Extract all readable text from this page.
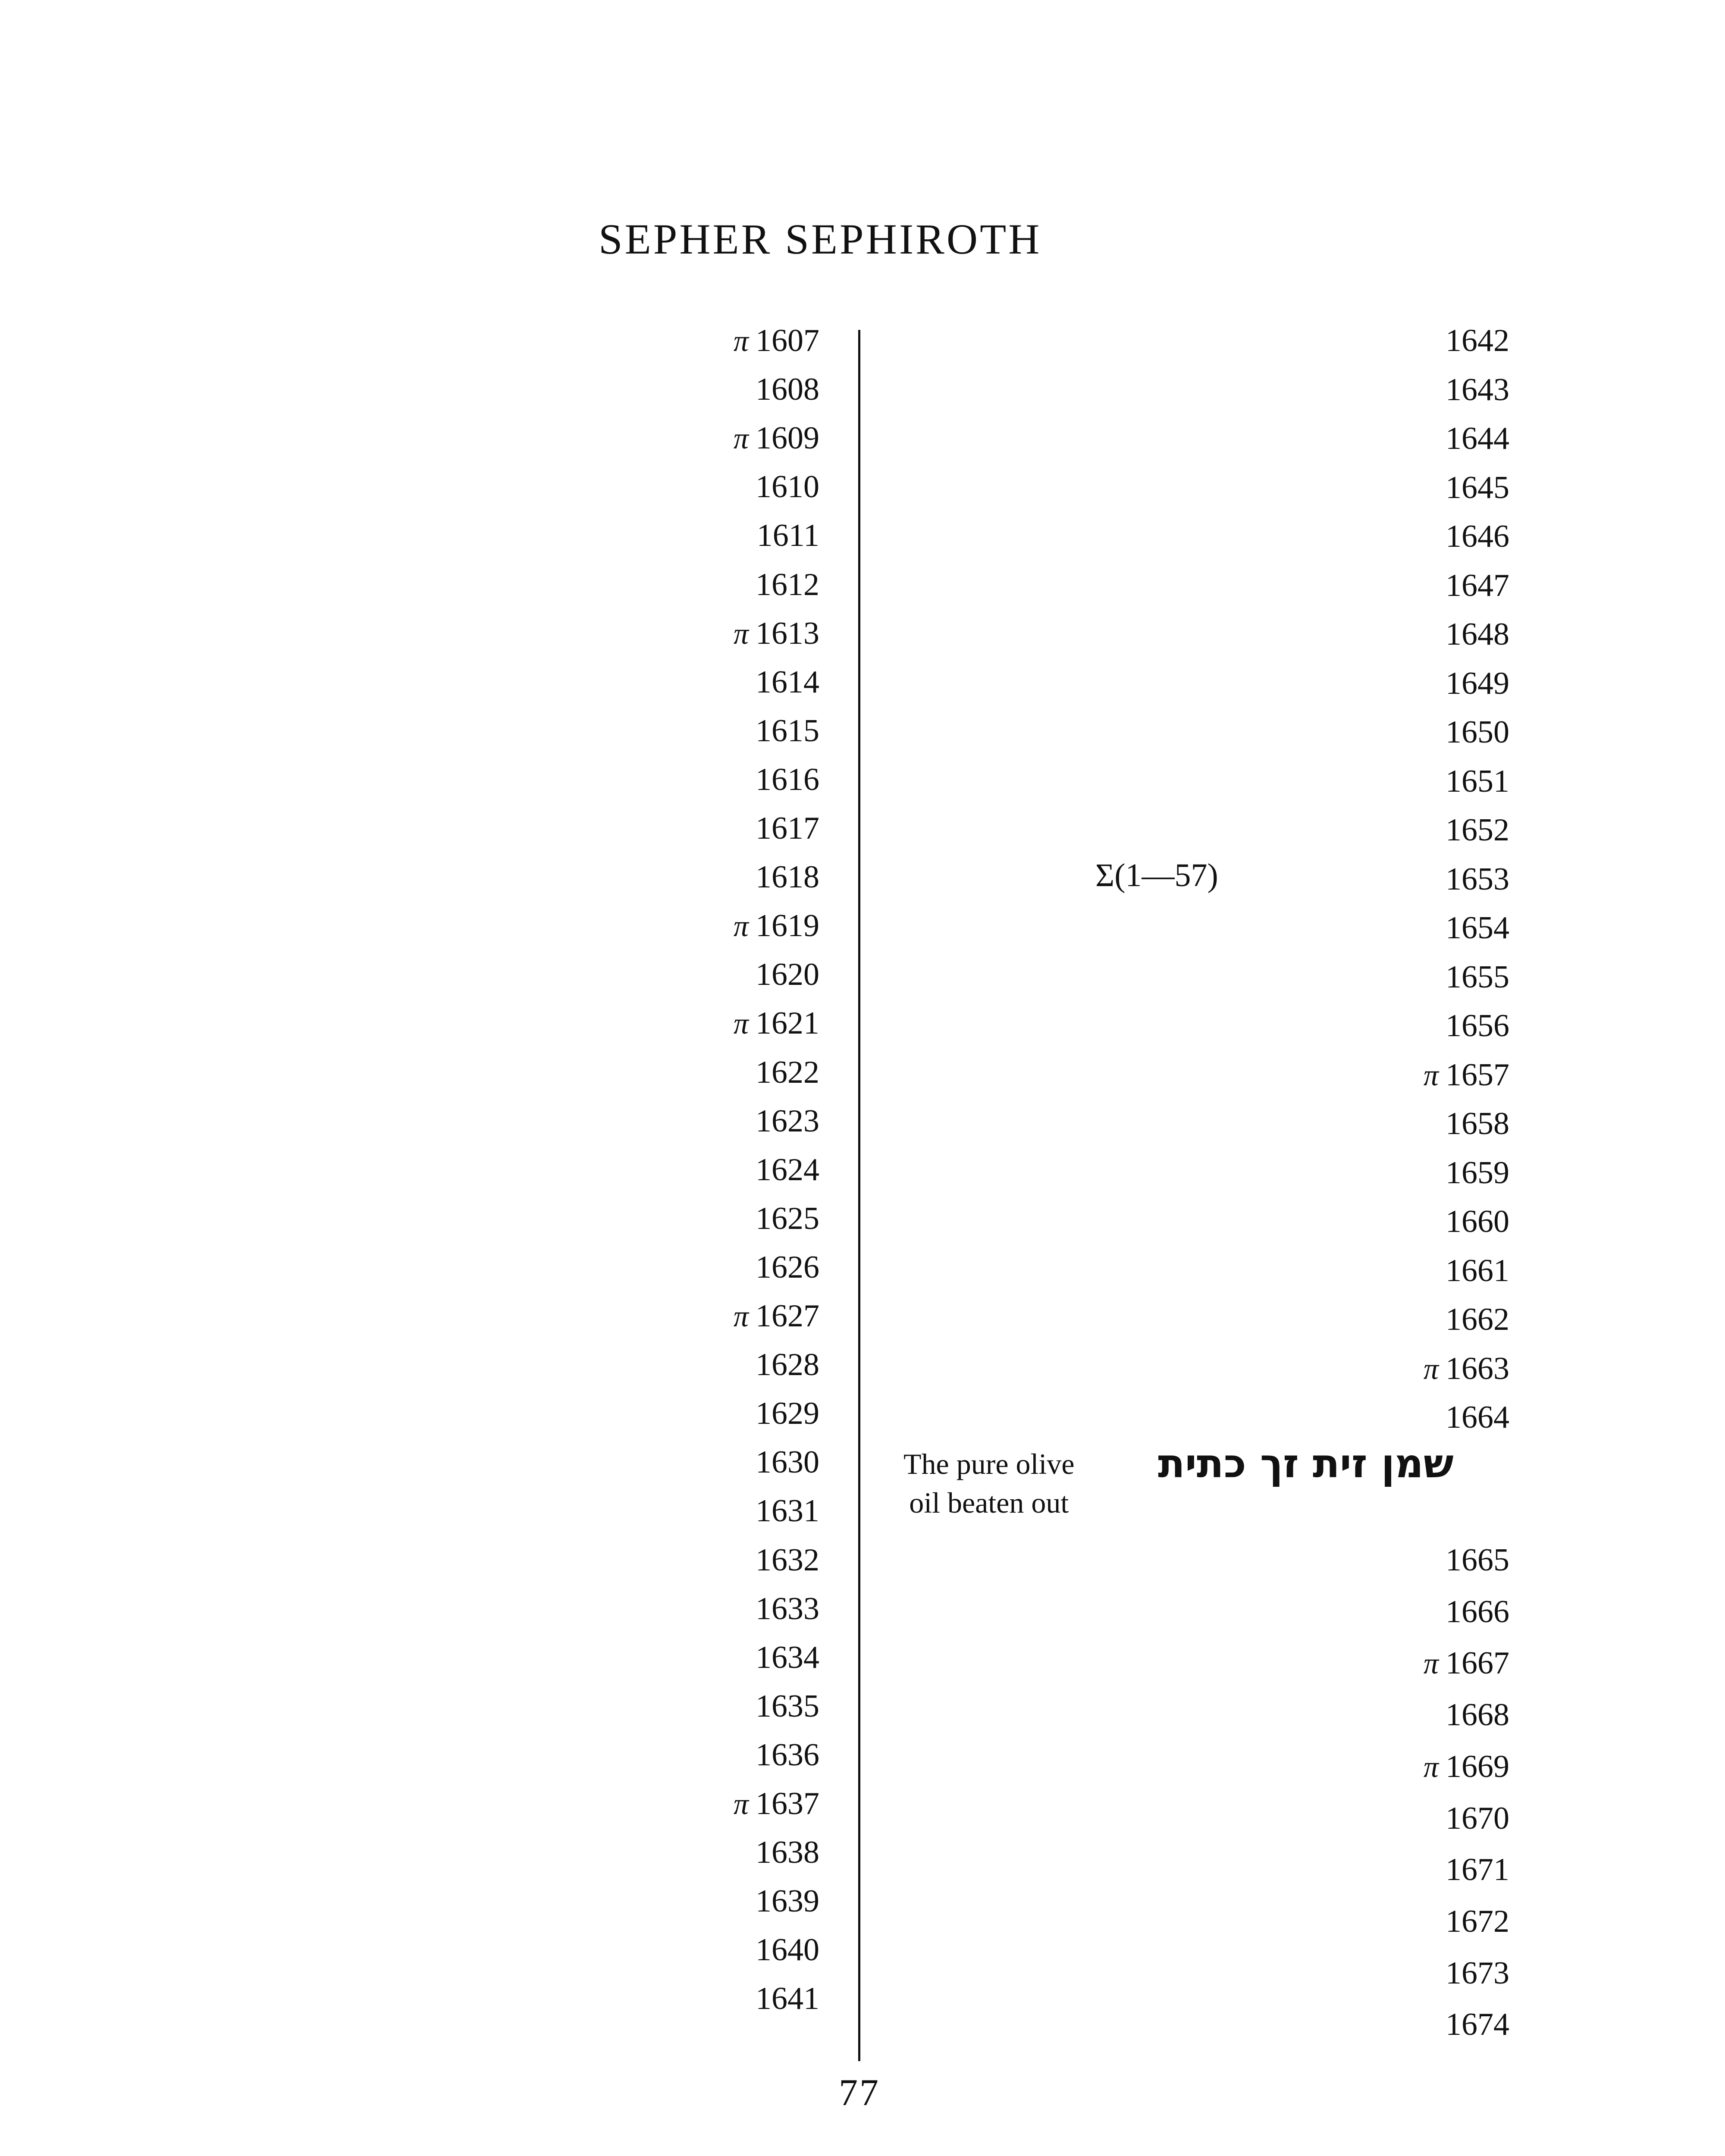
SEPHER SEPHIROTH
π 1607
1608
π 1609
1610
1611
1612
π 1613
1614
1615
1616
1617
1618
π 1619
1620
π 1621
1622
1623
1624
1625
1626
π 1627
1628
1629
1630
1631
1632
1633
1634
1635
1636
π 1637
1638
1639
1640
1641
1642
1643
1644
1645
1646
1647
1648
1649
1650
1651
1652
1653
1654
1655
1656
π 1657
1658
1659
1660
1661
1662
π 1663
1664
1665
1666
π 1667
1668
π 1669
1670
1671
1672
1673
1674
Σ(1—57)
The pure olive
oil beaten out
שמן זית זך כתית
77
